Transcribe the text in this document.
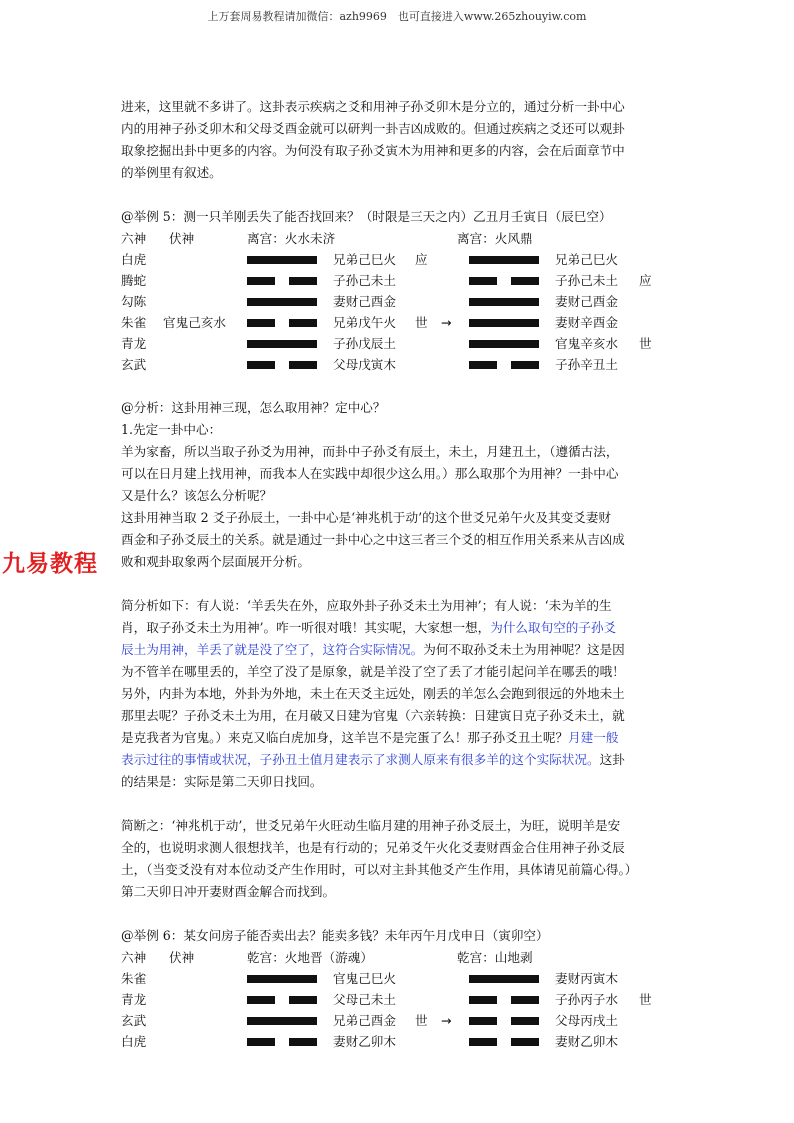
上万套周易教程请加微信：azh9969　也可直接进入www.265zhouyiw.com
九易教程

进来，这里就不多讲了。这卦表示疾病之爻和用神子孙爻卯木是分立的，通过分析一卦中心

内的用神子孙爻卯木和父母爻酉金就可以研判一卦吉凶成败的。但通过疾病之爻还可以观卦

取象挖掘出卦中更多的内容。为何没有取子孙爻寅木为用神和更多的内容，会在后面章节中

的举例里有叙述。

@举例 5：测一只羊刚丢失了能否找回来？（时限是三天之内）乙丑月壬寅日（辰巳空）

六神 伏神	离宫：火水未济	离宫：火风鼎
白虎	兄弟己巳火 应	兄弟己巳火
腾蛇	子孙己未土	子孙己未土 应
勾陈	妻财己酉金	妻财己酉金
朱雀 官鬼己亥水	兄弟戊午火 世 →	妻财辛酉金
青龙	子孙戊辰土	官鬼辛亥水 世
玄武	父母戊寅木	子孙辛丑土

@分析：这卦用神三现，怎么取用神？定中心？

1.先定一卦中心：

羊为家畜，所以当取子孙爻为用神，而卦中子孙爻有辰土，未土，月建丑土，（遵循古法，

可以在日月建上找用神，而我本人在实践中却很少这么用。）那么取那个为用神？一卦中心

又是什么？该怎么分析呢？

这卦用神当取 2 爻子孙辰土，一卦中心是‘神兆机于动’的这个世爻兄弟午火及其变爻妻财

酉金和子孙爻辰土的关系。就是通过一卦中心之中这三者三个爻的相互作用关系来从吉凶成

败和观卦取象两个层面展开分析。

简分析如下：有人说：‘羊丢失在外，应取外卦子孙爻未土为用神’；有人说：‘未为羊的生

肖，取子孙爻未土为用神’。咋一听很对哦！其实呢，大家想一想，为什么取旬空的子孙爻

辰土为用神，羊丢了就是没了空了，这符合实际情况。为何不取孙爻未土为用神呢？这是因

为不管羊在哪里丢的，羊空了没了是原象，就是羊没了空了丢了才能引起问羊在哪丢的哦！

另外，内卦为本地，外卦为外地，未土在天爻主远处，刚丢的羊怎么会跑到很远的外地未土

那里去呢？子孙爻未土为用，在月破又日建为官鬼（六亲转换：日建寅日克子孙爻未土，就

是克我者为官鬼。）来克又临白虎加身，这羊岂不是完蛋了么！那子孙爻丑土呢？月建一般

表示过往的事情或状况，子孙丑土值月建表示了求测人原来有很多羊的这个实际状况。这卦

的结果是：实际是第二天卯日找回。

简断之：‘神兆机于动’，世爻兄弟午火旺动生临月建的用神子孙爻辰土，为旺，说明羊是安

全的，也说明求测人很想找羊，也是有行动的；兄弟爻午火化爻妻财酉金合住用神子孙爻辰

土，（当变爻没有对本位动爻产生作用时，可以对主卦其他爻产生作用，具体请见前篇心得。）

第二天卯日冲开妻财酉金解合而找到。

@举例 6：某女问房子能否卖出去？能卖多钱？未年丙午月戊申日（寅卯空）

六神 伏神	乾宫：火地晋（游魂）	乾宫：山地剥
朱雀	官鬼己巳火	妻财丙寅木
青龙	父母己未土	子孙丙子水 世
玄武	兄弟己酉金 世 →	父母丙戌土
白虎	妻财乙卯木	妻财乙卯木
